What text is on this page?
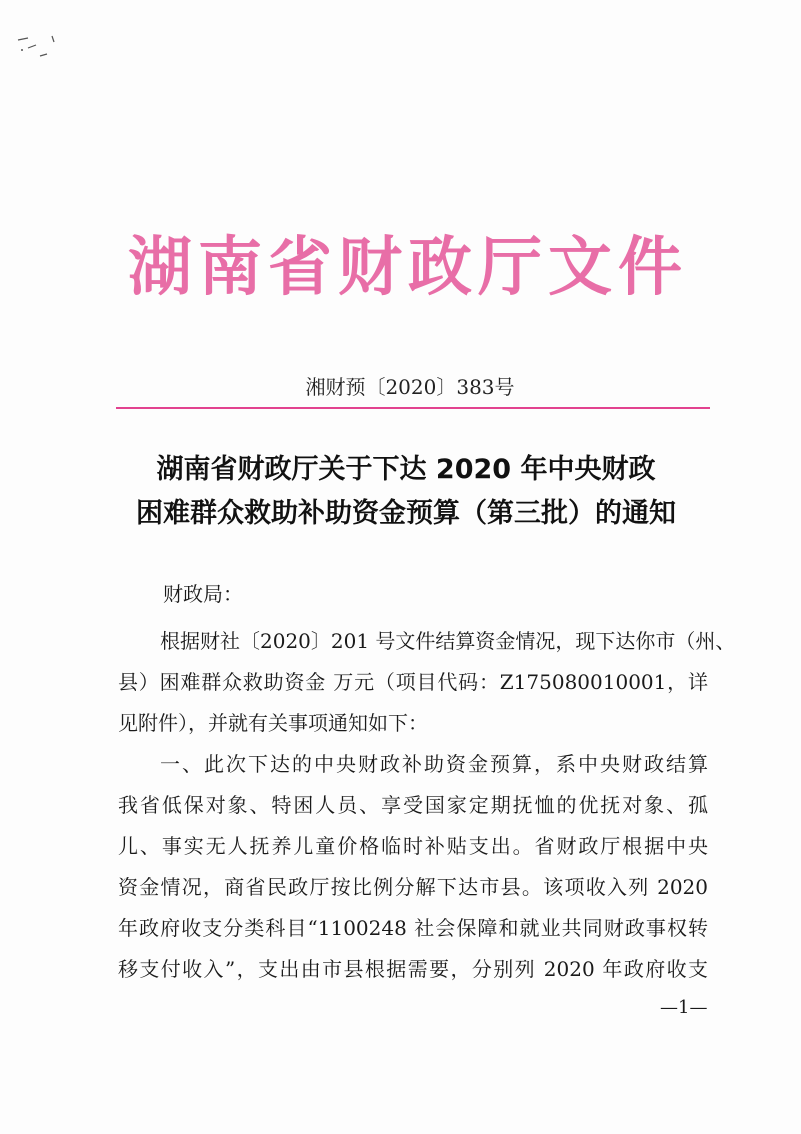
湖南省财政厅文件
湘财预〔2020〕383号
湖南省财政厅关于下达 2020 年中央财政
困难群众救助补助资金预算（第三批）的通知
财政局：
根据财社〔2020〕201 号文件结算资金情况，现下达你市（州、
县）困难群众救助资金 万元（项目代码：Z175080010001，详
见附件），并就有关事项通知如下：
一、此次下达的中央财政补助资金预算，系中央财政结算
我省低保对象、特困人员、享受国家定期抚恤的优抚对象、孤
儿、事实无人抚养儿童价格临时补贴支出。省财政厅根据中央
资金情况，商省民政厅按比例分解下达市县。该项收入列 2020
年政府收支分类科目“1100248 社会保障和就业共同财政事权转
移支付收入”，支出由市县根据需要，分别列 2020 年政府收支
—1—
